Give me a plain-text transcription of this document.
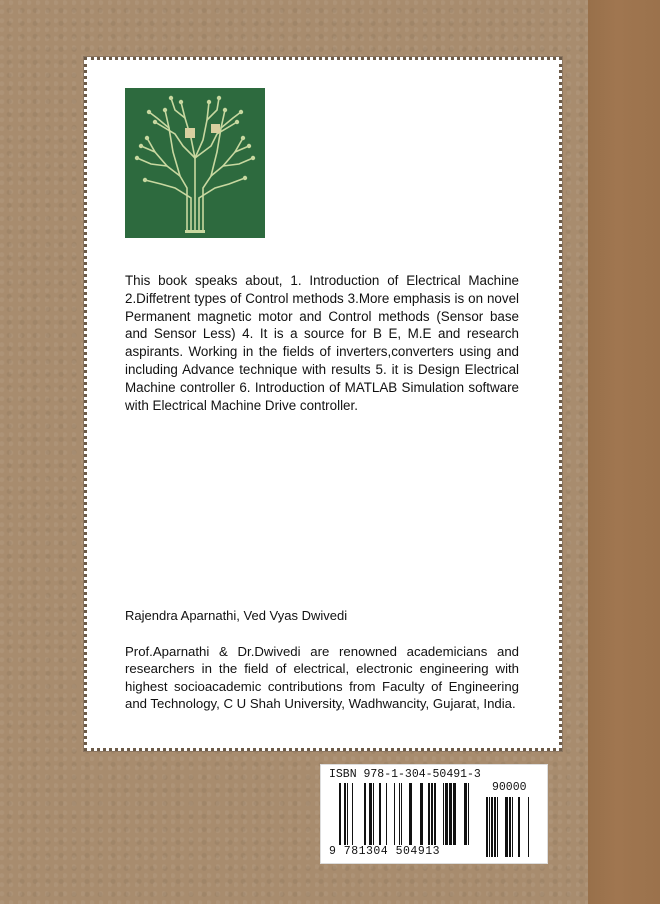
This book speaks about, 1. Introduction of Electrical Machine 2.Diffetrent types of Control methods 3.More emphasis is on novel Permanent magnetic motor and Control methods (Sensor base and Sensor Less) 4. It is a source for B E, M.E and research aspirants. Working in the fields of inverters,converters using and including Advance technique with results 5. it is Design Electrical Machine controller 6. Introduction of MATLAB Simulation software with Electrical Machine Drive controller.

Rajendra Aparnathi, Ved Vyas Dwivedi

Prof.Aparnathi & Dr.Dwivedi are renowned academicians and researchers in the field of electrical, electronic engineering with highest socioacademic contributions from Faculty of Engineering and Technology, C U Shah University, Wadhwancity, Gujarat, India.

ISBN 978-1-304-50491-3
90000
9 781304 504913
